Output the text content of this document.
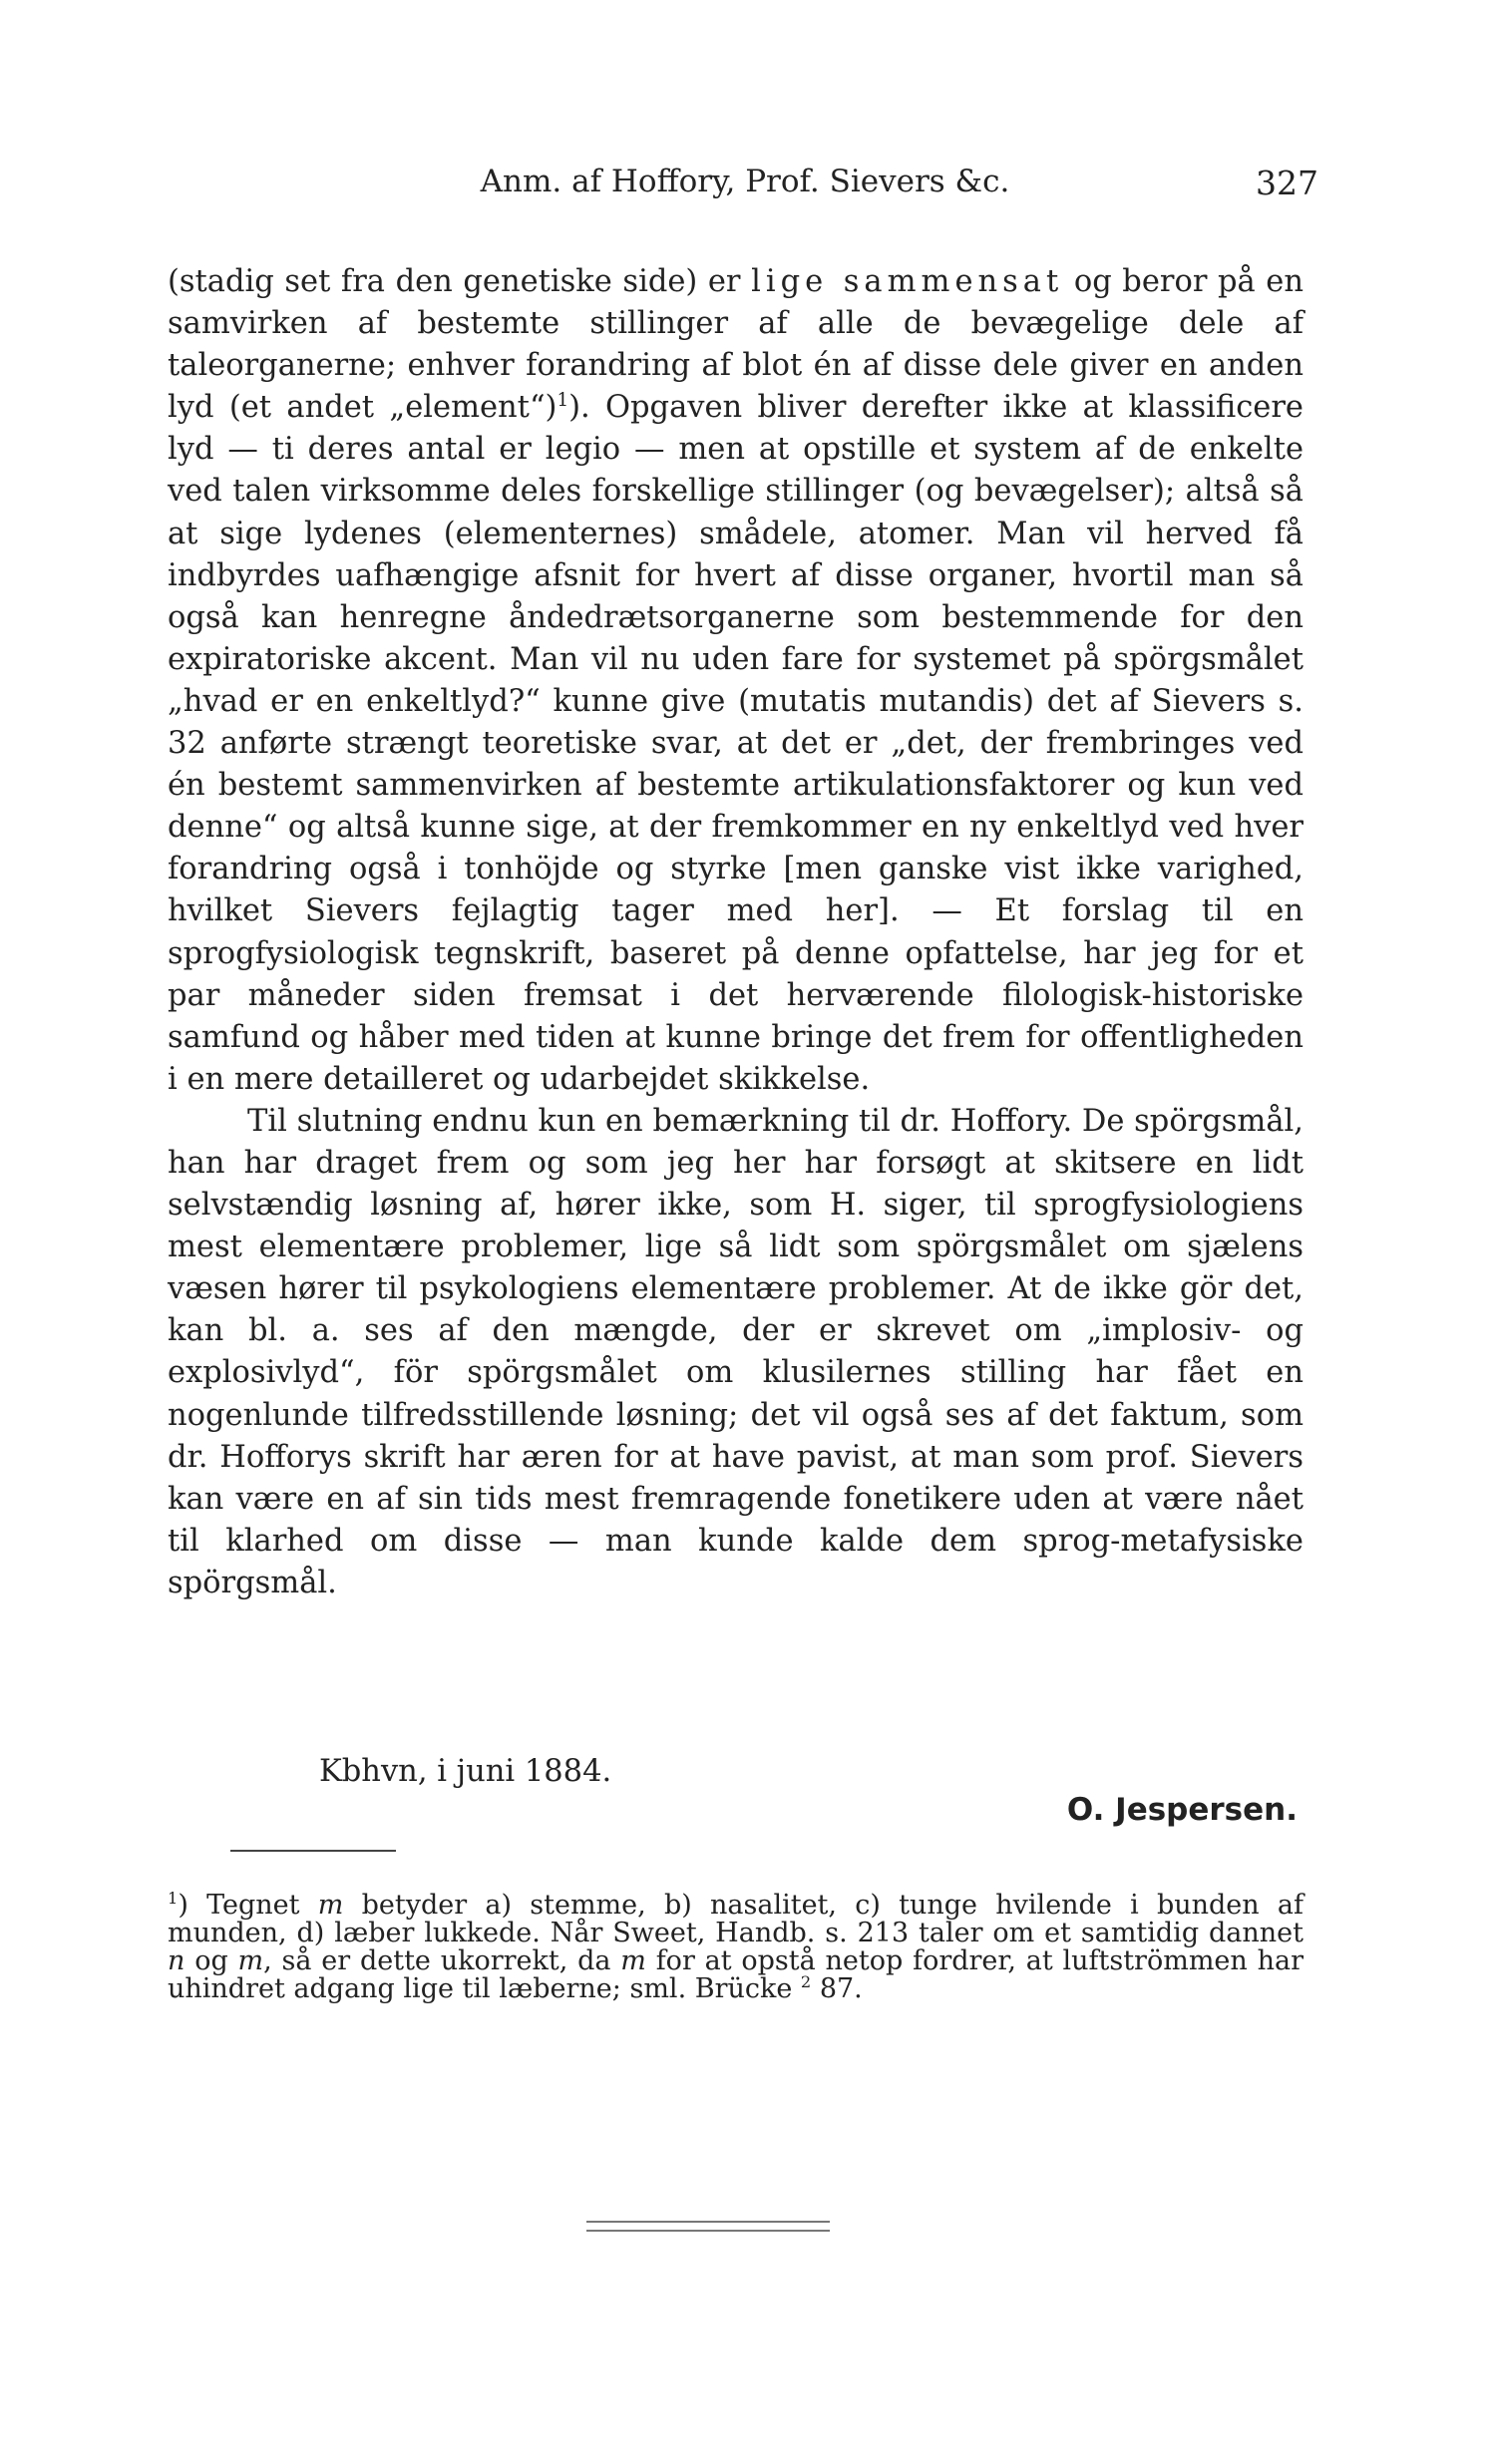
Anm. af Hoffory, Prof. Sievers &c.	327

(stadig set fra den genetiske side) er lige sammensat og beror på en samvirken af bestemte stillinger af alle de bevægelige dele af taleorganerne; enhver forandring af blot én af disse dele giver en anden lyd (et andet „element“)$^1$). Opgaven bliver derefter ikke at klassificere lyd — ti deres antal er legio — men at opstille et system af de enkelte ved talen virksomme deles forskellige stillinger (og bevægelser); altså så at sige lydenes (elementernes) smådele, atomer. Man vil herved få indbyrdes uafhængige afsnit for hvert af disse organer, hvortil man så også kan henregne åndedrætsorganerne som bestemmende for den expiratoriske akcent. Man vil nu uden fare for systemet på spörgsmålet „hvad er en enkeltlyd?“ kunne give (mutatis mutandis) det af Sievers s. 32 anførte strængt teoretiske svar, at det er „det, der frembringes ved én bestemt sammenvirken af bestemte artikulationsfaktorer og kun ved denne“ og altså kunne sige, at der fremkommer en ny enkeltlyd ved hver forandring også i tonhöjde og styrke [men ganske vist ikke varighed, hvilket Sievers fejlagtig tager med her]. — Et forslag til en sprogfysiologisk tegnskrift, baseret på denne opfattelse, har jeg for et par måneder siden fremsat i det herværende filologisk-historiske samfund og håber med tiden at kunne bringe det frem for offentligheden i en mere detailleret og udarbejdet skikkelse.

Til slutning endnu kun en bemærkning til dr. Hoffory. De spörgsmål, han har draget frem og som jeg her har forsøgt at skitsere en lidt selvstændig løsning af, hører ikke, som H. siger, til sprogfysiologiens mest elementære problemer, lige så lidt som spörgsmålet om sjælens væsen hører til psykologiens elementære problemer. At de ikke gör det, kan bl. a. ses af den mængde, der er skrevet om „implosiv- og explosivlyd“, för spörgsmålet om klusilernes stilling har fået en nogenlunde tilfredsstillende løsning; det vil også ses af det faktum, som dr. Hofforys skrift har æren for at have pavist, at man som prof. Sievers kan være en af sin tids mest fremragende fonetikere uden at være nået til klarhed om disse — man kunde kalde dem sprog-metafysiske spörgsmål.

Kbhvn, i juni 1884.
O. Jespersen.

$^1$) Tegnet m betyder a) stemme, b) nasalitet, c) tunge hvilende i bunden af munden, d) læber lukkede. Når Sweet, Handb. s. 213 taler om et samtidig dannet n og m, så er dette ukorrekt, da m for at opstå netop fordrer, at luftströmmen har uhindret adgang lige til læberne; sml. Brücke $^2$ 87.
